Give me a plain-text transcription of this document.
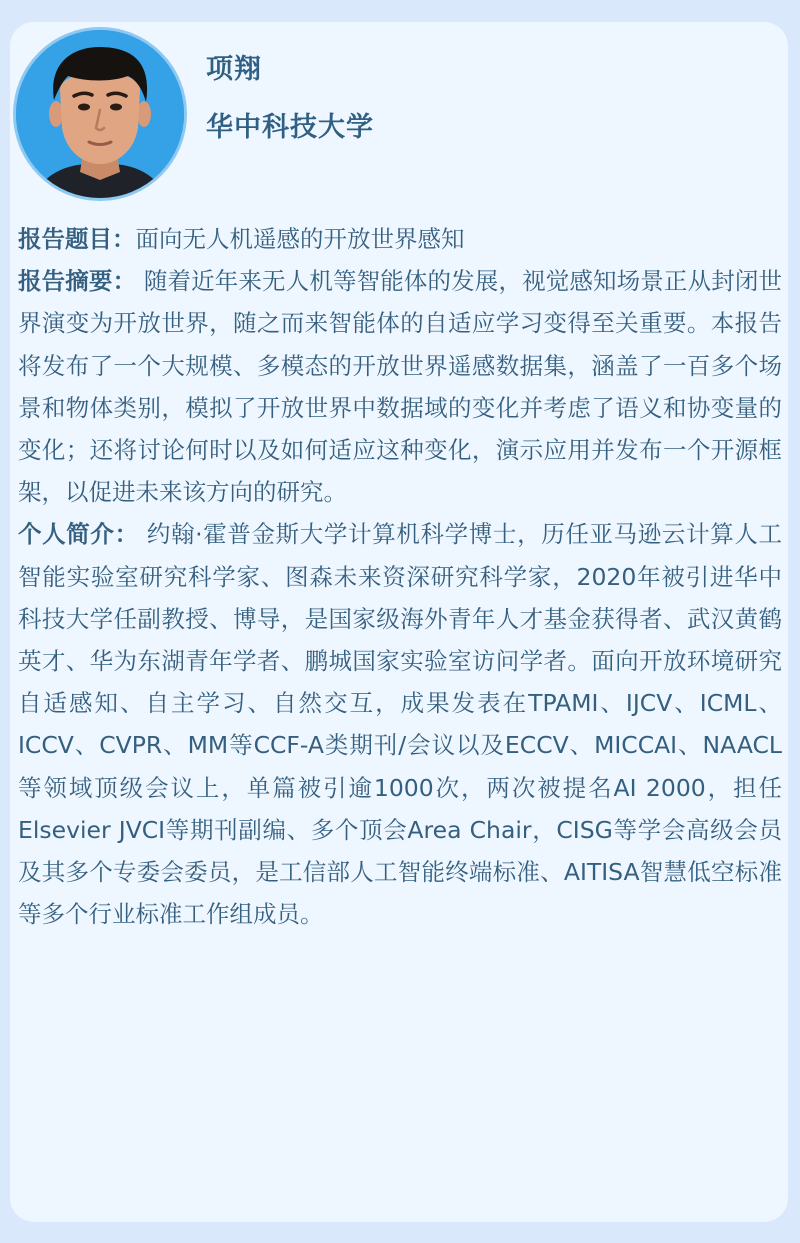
项翔
华中科技大学

报告题目：面向无人机遥感的开放世界感知

报告摘要： 随着近年来无人机等智能体的发展，视觉感知场景正从封闭世界演变为开放世界，随之而来智能体的自适应学习变得至关重要。本报告将发布了一个大规模、多模态的开放世界遥感数据集，涵盖了一百多个场景和物体类别，模拟了开放世界中数据域的变化并考虑了语义和协变量的变化；还将讨论何时以及如何适应这种变化，演示应用并发布一个开源框架，以促进未来该方向的研究。

个人简介： 约翰·霍普金斯大学计算机科学博士，历任亚马逊云计算人工智能实验室研究科学家、图森未来资深研究科学家，2020年被引进华中科技大学任副教授、博导，是国家级海外青年人才基金获得者、武汉黄鹤英才、华为东湖青年学者、鹏城国家实验室访问学者。面向开放环境研究自适感知、自主学习、自然交互，成果发表在TPAMI、IJCV、ICML、ICCV、CVPR、MM等CCF-A类期刊/会议以及ECCV、MICCAI、NAACL等领域顶级会议上，单篇被引逾1000次，两次被提名AI 2000，担任Elsevier JVCI等期刊副编、多个顶会Area Chair，CISG等学会高级会员及其多个专委会委员，是工信部人工智能终端标准、AITISA智慧低空标准等多个行业标准工作组成员。
